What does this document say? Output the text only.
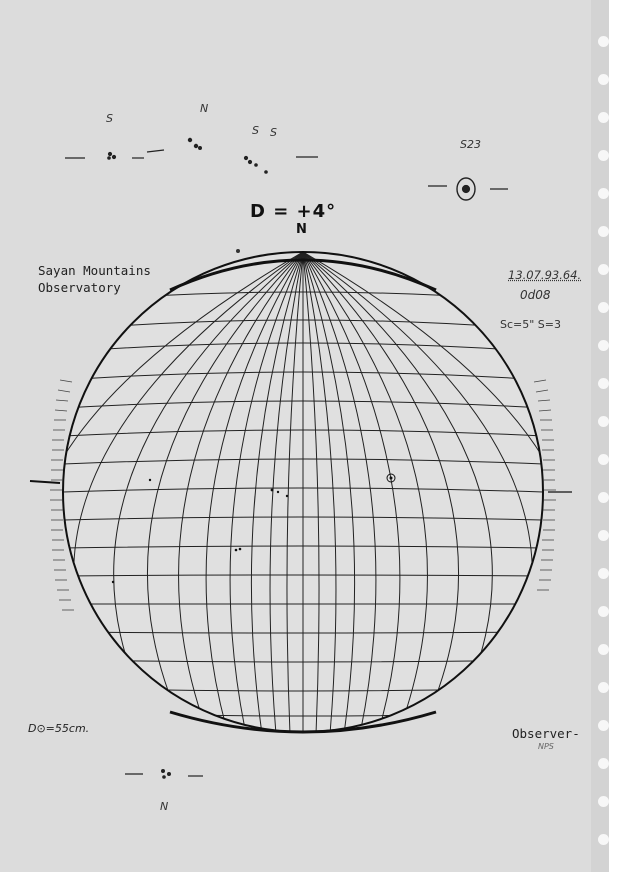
S
N
S S
S23
N
D = +4°
N
Sayan Mountains
Observatory
13.07.93.64.
0d08
Sc=5" S=3
D⊙=55cm.	Observer-
NPS
